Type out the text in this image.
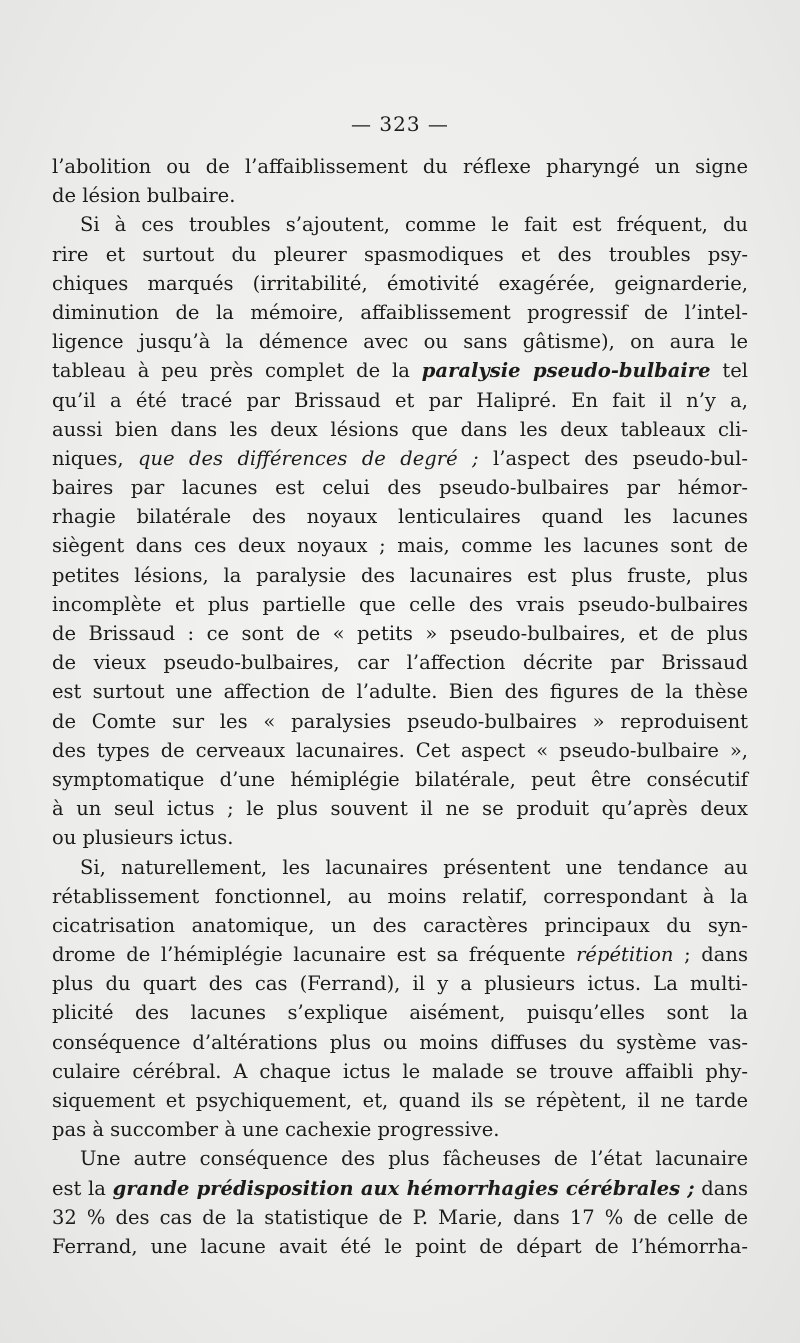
— 323 —
l’abolition ou de l’affaiblissement du réflexe pharyngé un signe
de lésion bulbaire.
Si à ces troubles s’ajoutent, comme le fait est fréquent, du
rire et surtout du pleurer spasmodiques et des troubles psy-
chiques marqués (irritabilité, émotivité exagérée, geignarderie,
diminution de la mémoire, affaiblissement progressif de l’intel-
ligence jusqu’à la démence avec ou sans gâtisme), on aura le
tableau à peu près complet de la paralysie pseudo-bulbaire tel
qu’il a été tracé par Brissaud et par Halipré. En fait il n’y a,
aussi bien dans les deux lésions que dans les deux tableaux cli-
niques, que des différences de degré ; l’aspect des pseudo-bul-
baires par lacunes est celui des pseudo-bulbaires par hémor-
rhagie bilatérale des noyaux lenticulaires quand les lacunes
siègent dans ces deux noyaux ; mais, comme les lacunes sont de
petites lésions, la paralysie des lacunaires est plus fruste, plus
incomplète et plus partielle que celle des vrais pseudo-bulbaires
de Brissaud : ce sont de « petits » pseudo-bulbaires, et de plus
de vieux pseudo-bulbaires, car l’affection décrite par Brissaud
est surtout une affection de l’adulte. Bien des figures de la thèse
de Comte sur les « paralysies pseudo-bulbaires » reproduisent
des types de cerveaux lacunaires. Cet aspect « pseudo-bulbaire »,
symptomatique d’une hémiplégie bilatérale, peut être consécutif
à un seul ictus ; le plus souvent il ne se produit qu’après deux
ou plusieurs ictus.
Si, naturellement, les lacunaires présentent une tendance au
rétablissement fonctionnel, au moins relatif, correspondant à la
cicatrisation anatomique, un des caractères principaux du syn-
drome de l’hémiplégie lacunaire est sa fréquente répétition ; dans
plus du quart des cas (Ferrand), il y a plusieurs ictus. La multi-
plicité des lacunes s’explique aisément, puisqu’elles sont la
conséquence d’altérations plus ou moins diffuses du système vas-
culaire cérébral. A chaque ictus le malade se trouve affaibli phy-
siquement et psychiquement, et, quand ils se répètent, il ne tarde
pas à succomber à une cachexie progressive.
Une autre conséquence des plus fâcheuses de l’état lacunaire
est la grande prédisposition aux hémorrhagies cérébrales ; dans
32 % des cas de la statistique de P. Marie, dans 17 % de celle de
Ferrand, une lacune avait été le point de départ de l’hémorrha-
